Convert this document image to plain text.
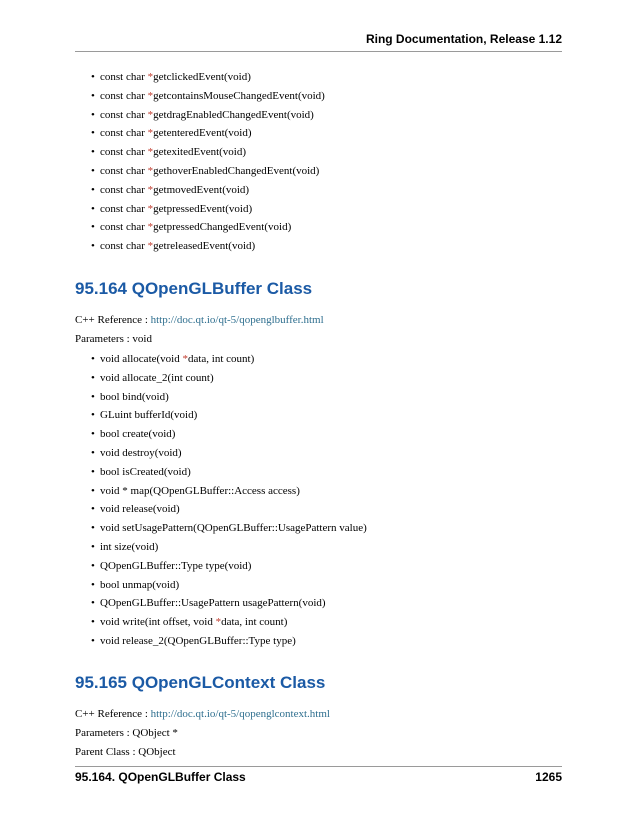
Ring Documentation, Release 1.12
• const char *getclickedEvent(void)
• const char *getcontainsMouseChangedEvent(void)
• const char *getdragEnabledChangedEvent(void)
• const char *getenteredEvent(void)
• const char *getexitedEvent(void)
• const char *gethoverEnabledChangedEvent(void)
• const char *getmovedEvent(void)
• const char *getpressedEvent(void)
• const char *getpressedChangedEvent(void)
• const char *getreleasedEvent(void)
95.164 QOpenGLBuffer Class

C++ Reference : http://doc.qt.io/qt-5/qopenglbuffer.html

Parameters : void

• void allocate(void *data, int count)
• void allocate_2(int count)
• bool bind(void)
• GLuint bufferId(void)
• bool create(void)
• void destroy(void)
• bool isCreated(void)
• void * map(QOpenGLBuffer::Access access)
• void release(void)
• void setUsagePattern(QOpenGLBuffer::UsagePattern value)
• int size(void)
• QOpenGLBuffer::Type type(void)
• bool unmap(void)
• QOpenGLBuffer::UsagePattern usagePattern(void)
• void write(int offset, void *data, int count)
• void release_2(QOpenGLBuffer::Type type)
95.165 QOpenGLContext Class

C++ Reference : http://doc.qt.io/qt-5/qopenglcontext.html

Parameters : QObject *

Parent Class : QObject

95.164. QOpenGLBuffer Class	1265
